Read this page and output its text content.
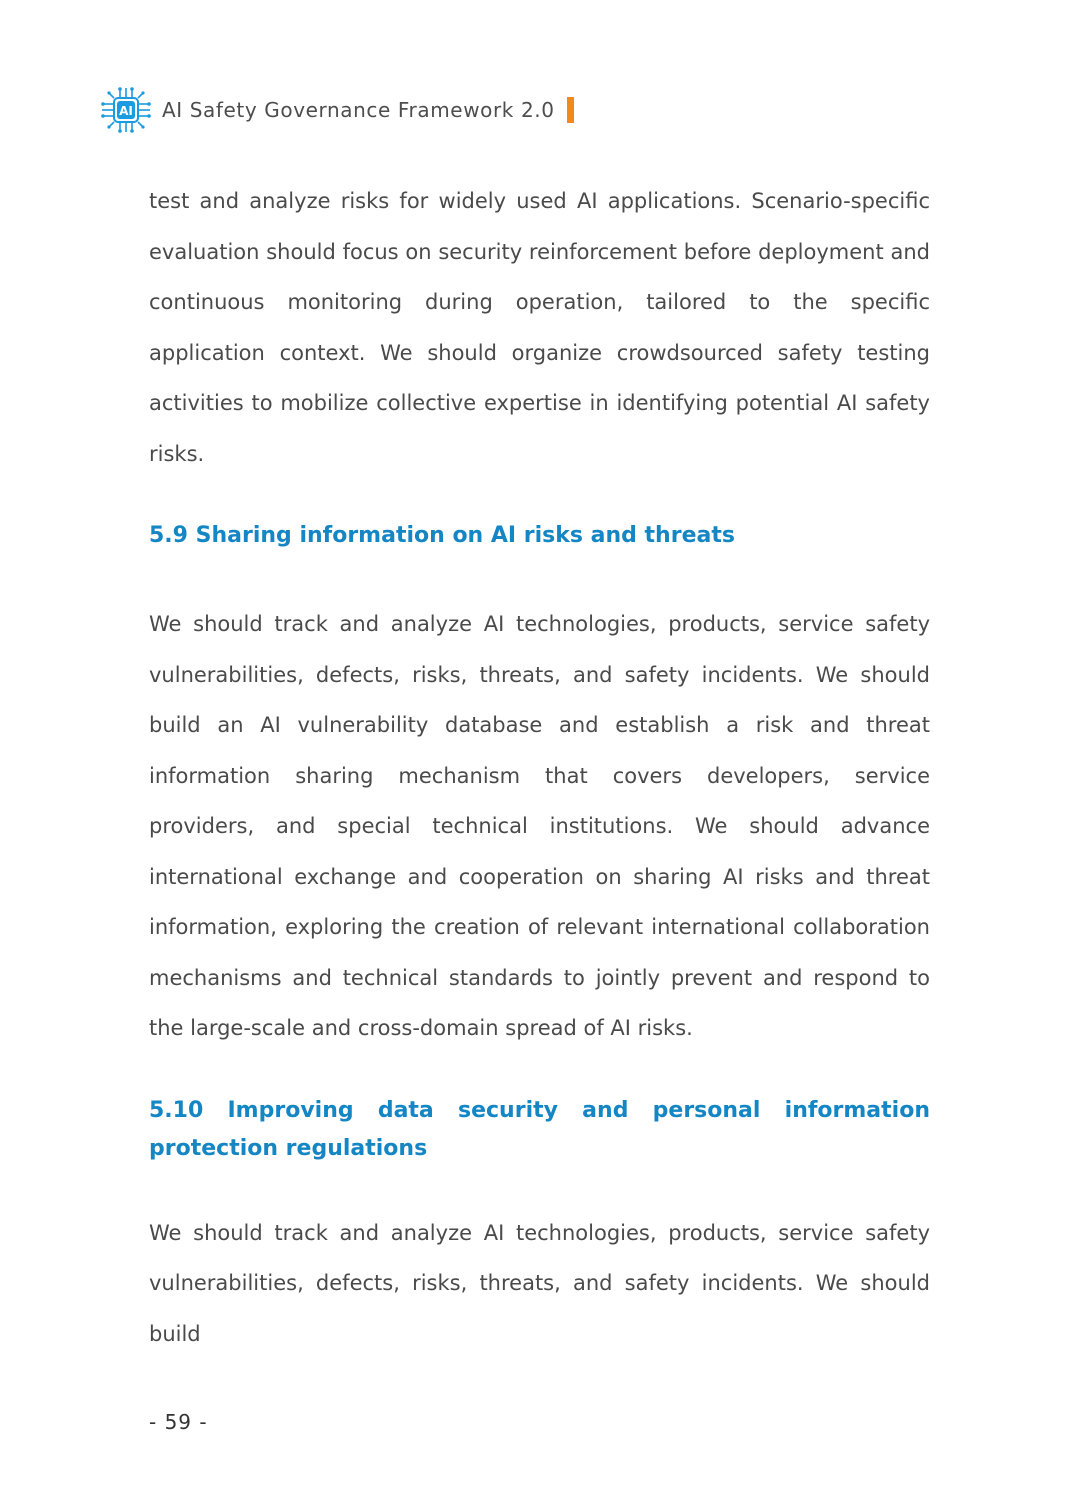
AI AI Safety Governance Framework 2.0

test and analyze risks for widely used AI applications. Scenario-specific evaluation should focus on security reinforcement before deployment and continuous monitoring during operation, tailored to the specific application context. We should organize crowdsourced safety testing activities to mobilize collective expertise in identifying potential AI safety risks.

5.9 Sharing information on AI risks and threats

We should track and analyze AI technologies, products, service safety vulnerabilities, defects, risks, threats, and safety incidents. We should build an AI vulnerability database and establish a risk and threat information sharing mechanism that covers developers, service providers, and special technical institutions. We should advance international exchange and cooperation on sharing AI risks and threat information, exploring the creation of relevant international collaboration mechanisms and technical standards to jointly prevent and respond to the large-scale and cross-domain spread of AI risks.

5.10 Improving data security and personal information protection regulations

We should track and analyze AI technologies, products, service safety vulnerabilities, defects, risks, threats, and safety incidents. We should build

- 59 -
